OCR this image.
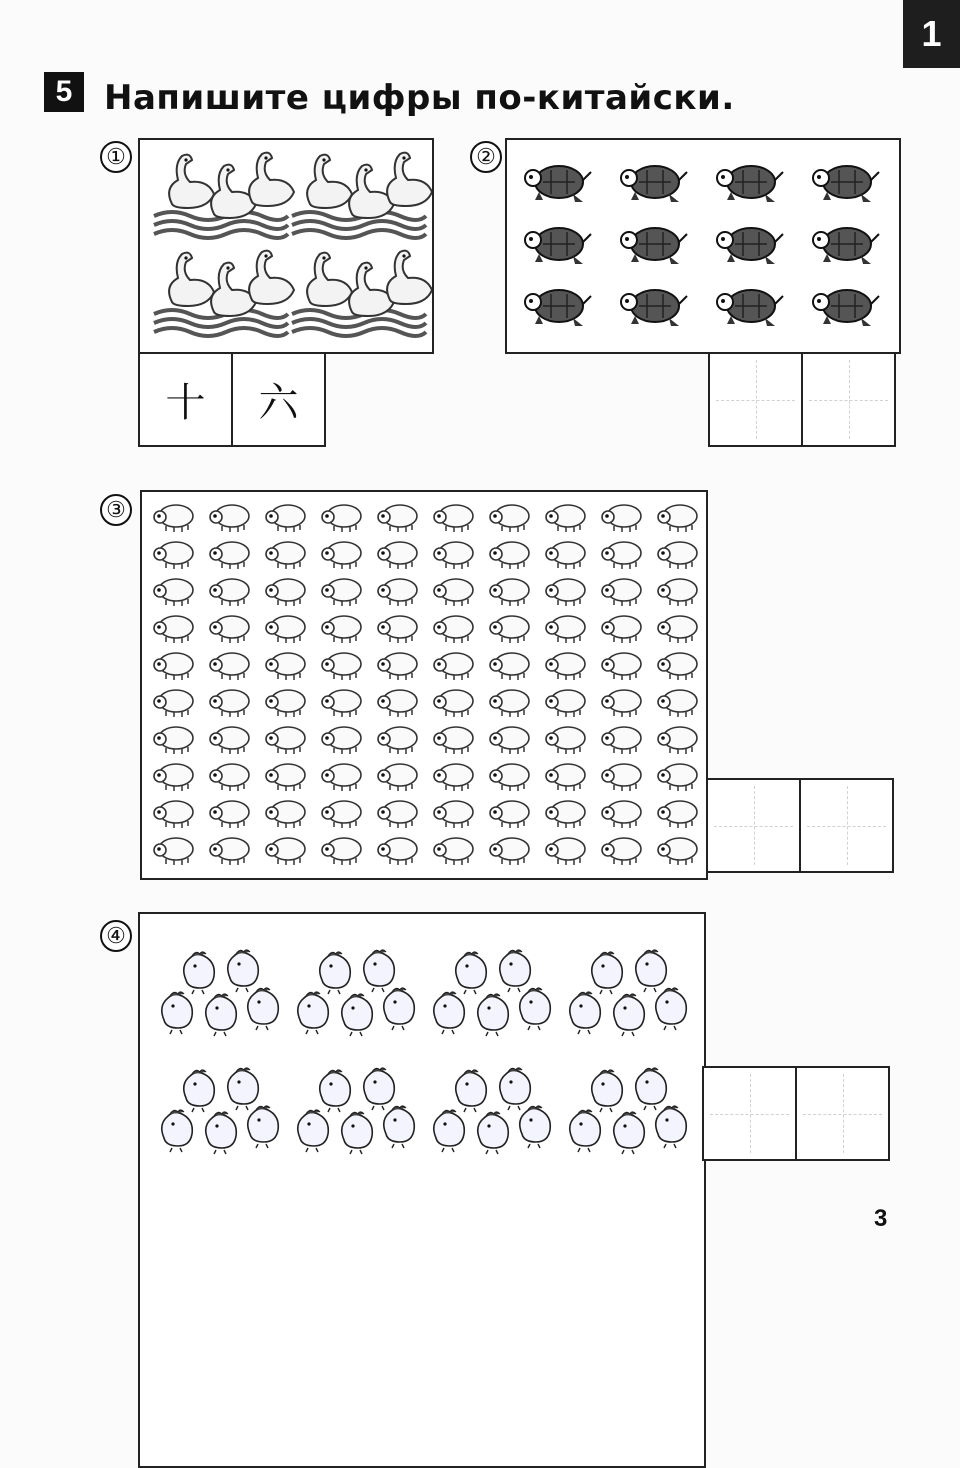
1
5 Напишите цифры по-китайски.
①
十 六
②
③
④
3
